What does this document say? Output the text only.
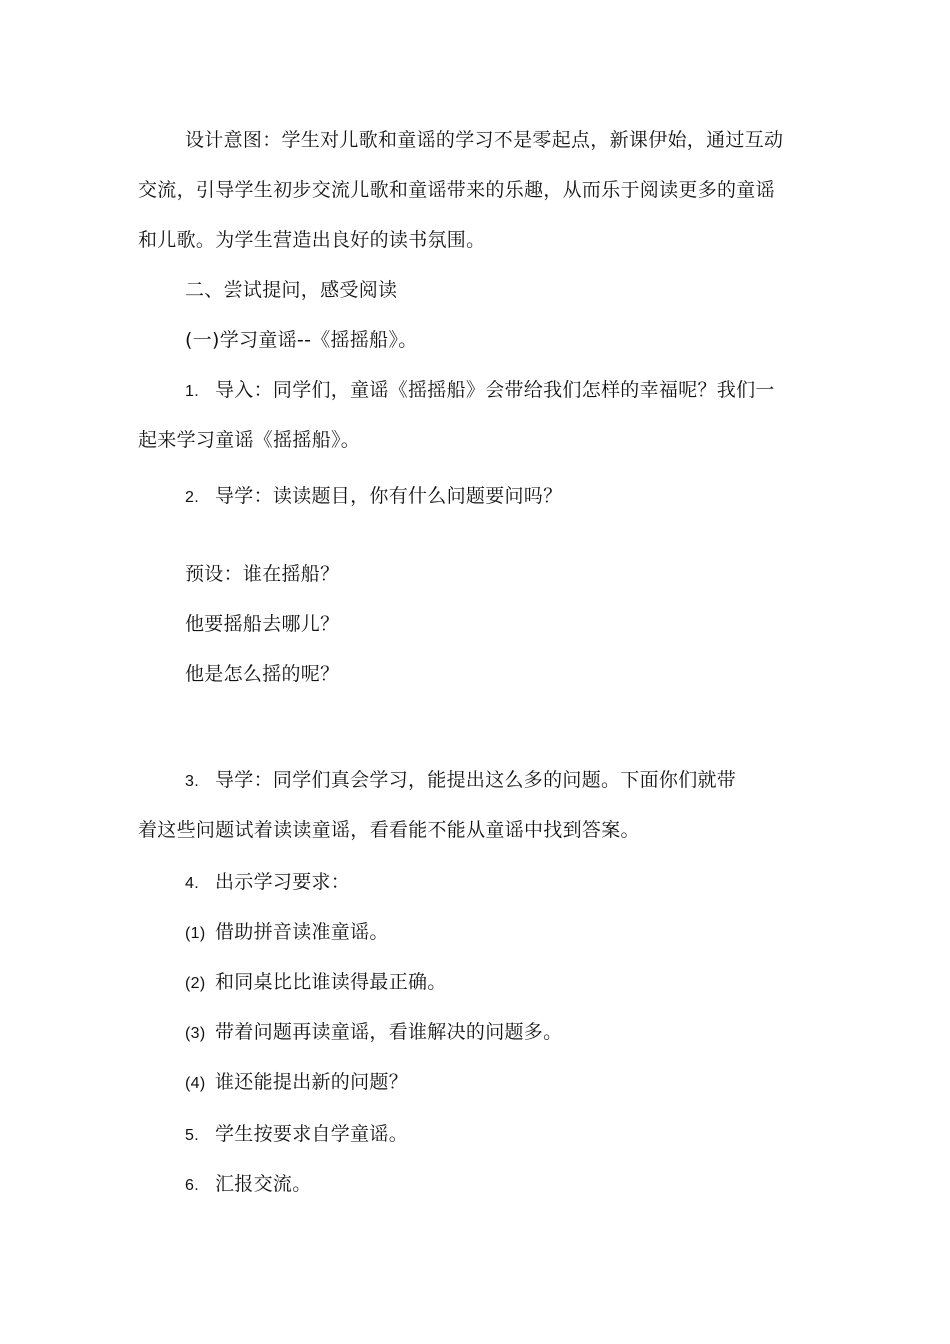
设计意图：学生对儿歌和童谣的学习不是零起点，新课伊始，通过互动
交流，引导学生初步交流儿歌和童谣带来的乐趣，从而乐于阅读更多的童谣
和儿歌。为学生营造出良好的读书氛围。
二、尝试提问，感受阅读
(一)学习童谣--《摇摇船》。
1. 导入：同学们，童谣《摇摇船》会带给我们怎样的幸福呢？我们一
起来学习童谣《摇摇船》。
2. 导学：读读题目，你有什么问题要问吗？
预设：谁在摇船？
他要摇船去哪儿？
他是怎么摇的呢？
3. 导学：同学们真会学习，能提出这么多的问题。下面你们就带
着这些问题试着读读童谣，看看能不能从童谣中找到答案。
4. 出示学习要求：
(1) 借助拼音读准童谣。
(2) 和同桌比比谁读得最正确。
(3) 带着问题再读童谣，看谁解决的问题多。
(4) 谁还能提出新的问题？
5. 学生按要求自学童谣。
6. 汇报交流。
